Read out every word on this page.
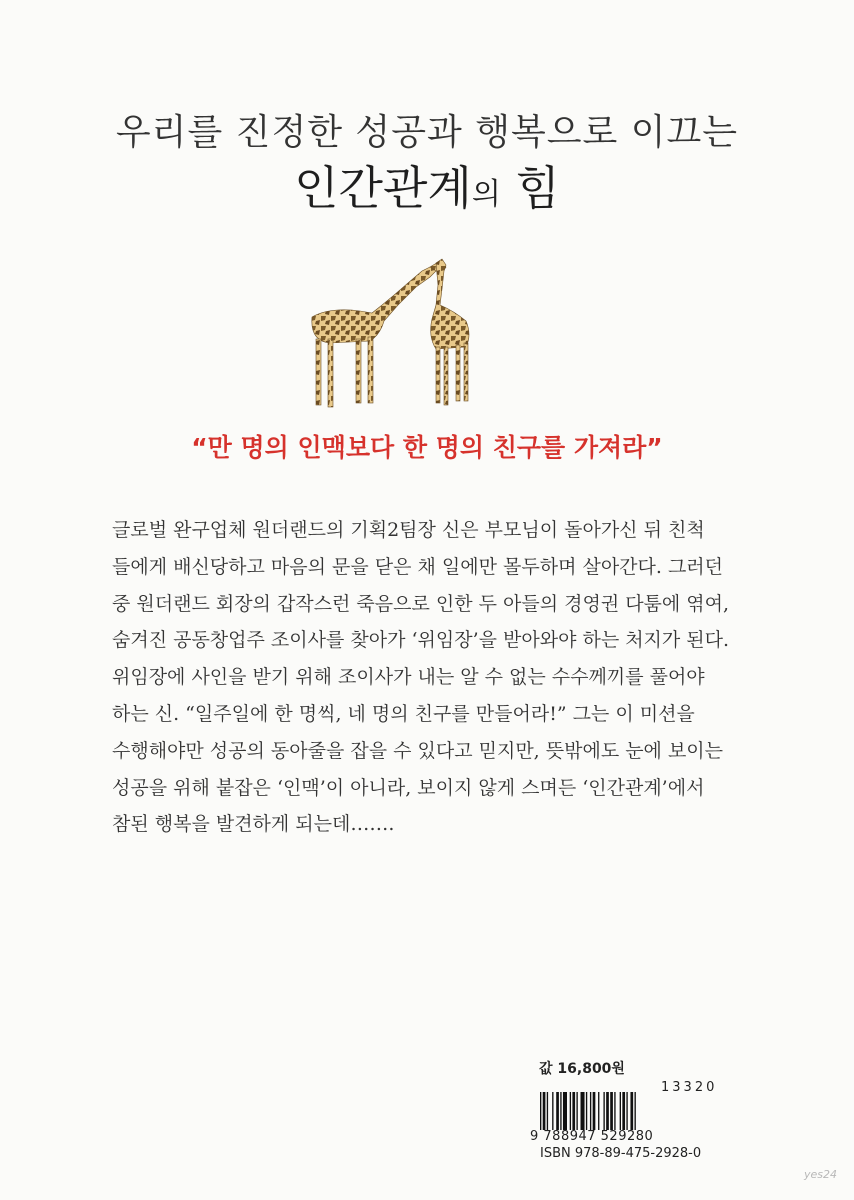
우리를 진정한 성공과 행복으로 이끄는
인간관계의 힘
“만 명의 인맥보다 한 명의 친구를 가져라”

글로벌 완구업체 원더랜드의 기획2팀장 신은 부모님이 돌아가신 뒤 친척

들에게 배신당하고 마음의 문을 닫은 채 일에만 몰두하며 살아간다. 그러던

중 원더랜드 회장의 갑작스런 죽음으로 인한 두 아들의 경영권 다툼에 엮여,

숨겨진 공동창업주 조이사를 찾아가 ‘위임장’을 받아와야 하는 처지가 된다.

위임장에 사인을 받기 위해 조이사가 내는 알 수 없는 수수께끼를 풀어야

하는 신. “일주일에 한 명씩, 네 명의 친구를 만들어라!” 그는 이 미션을

수행해야만 성공의 동아줄을 잡을 수 있다고 믿지만, 뜻밖에도 눈에 보이는

성공을 위해 붙잡은 ‘인맥’이 아니라, 보이지 않게 스며든 ‘인간관계’에서

참된 행복을 발견하게 되는데…….

값 16,800원
13320
9 788947 529280
ISBN 978-89-475-2928-0
yes24
